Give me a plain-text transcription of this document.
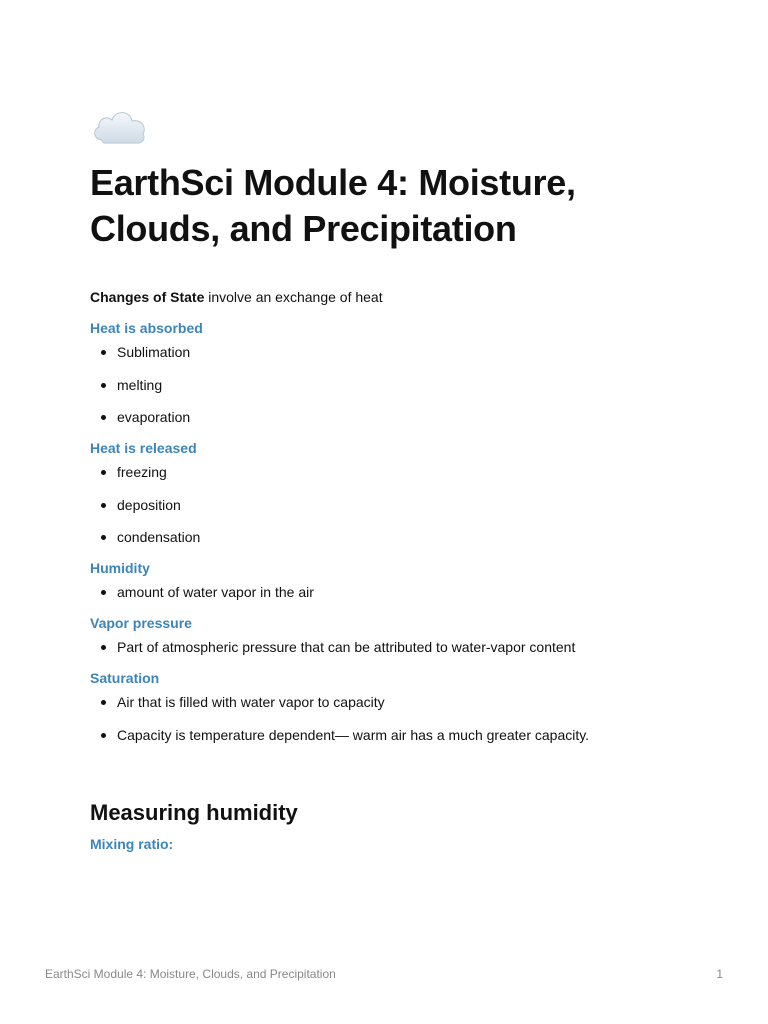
EarthSci Module 4: Moisture, Clouds, and Precipitation

Changes of State involve an exchange of heat

Heat is absorbed
Sublimation
melting
evaporation
Heat is released
freezing
deposition
condensation
Humidity
amount of water vapor in the air
Vapor pressure
Part of atmospheric pressure that can be attributed to water-vapor content
Saturation
Air that is filled with water vapor to capacity
Capacity is temperature dependent— warm air has a much greater capacity.
Measuring humidity
Mixing ratio:
EarthSci Module 4: Moisture, Clouds, and Precipitation	1
